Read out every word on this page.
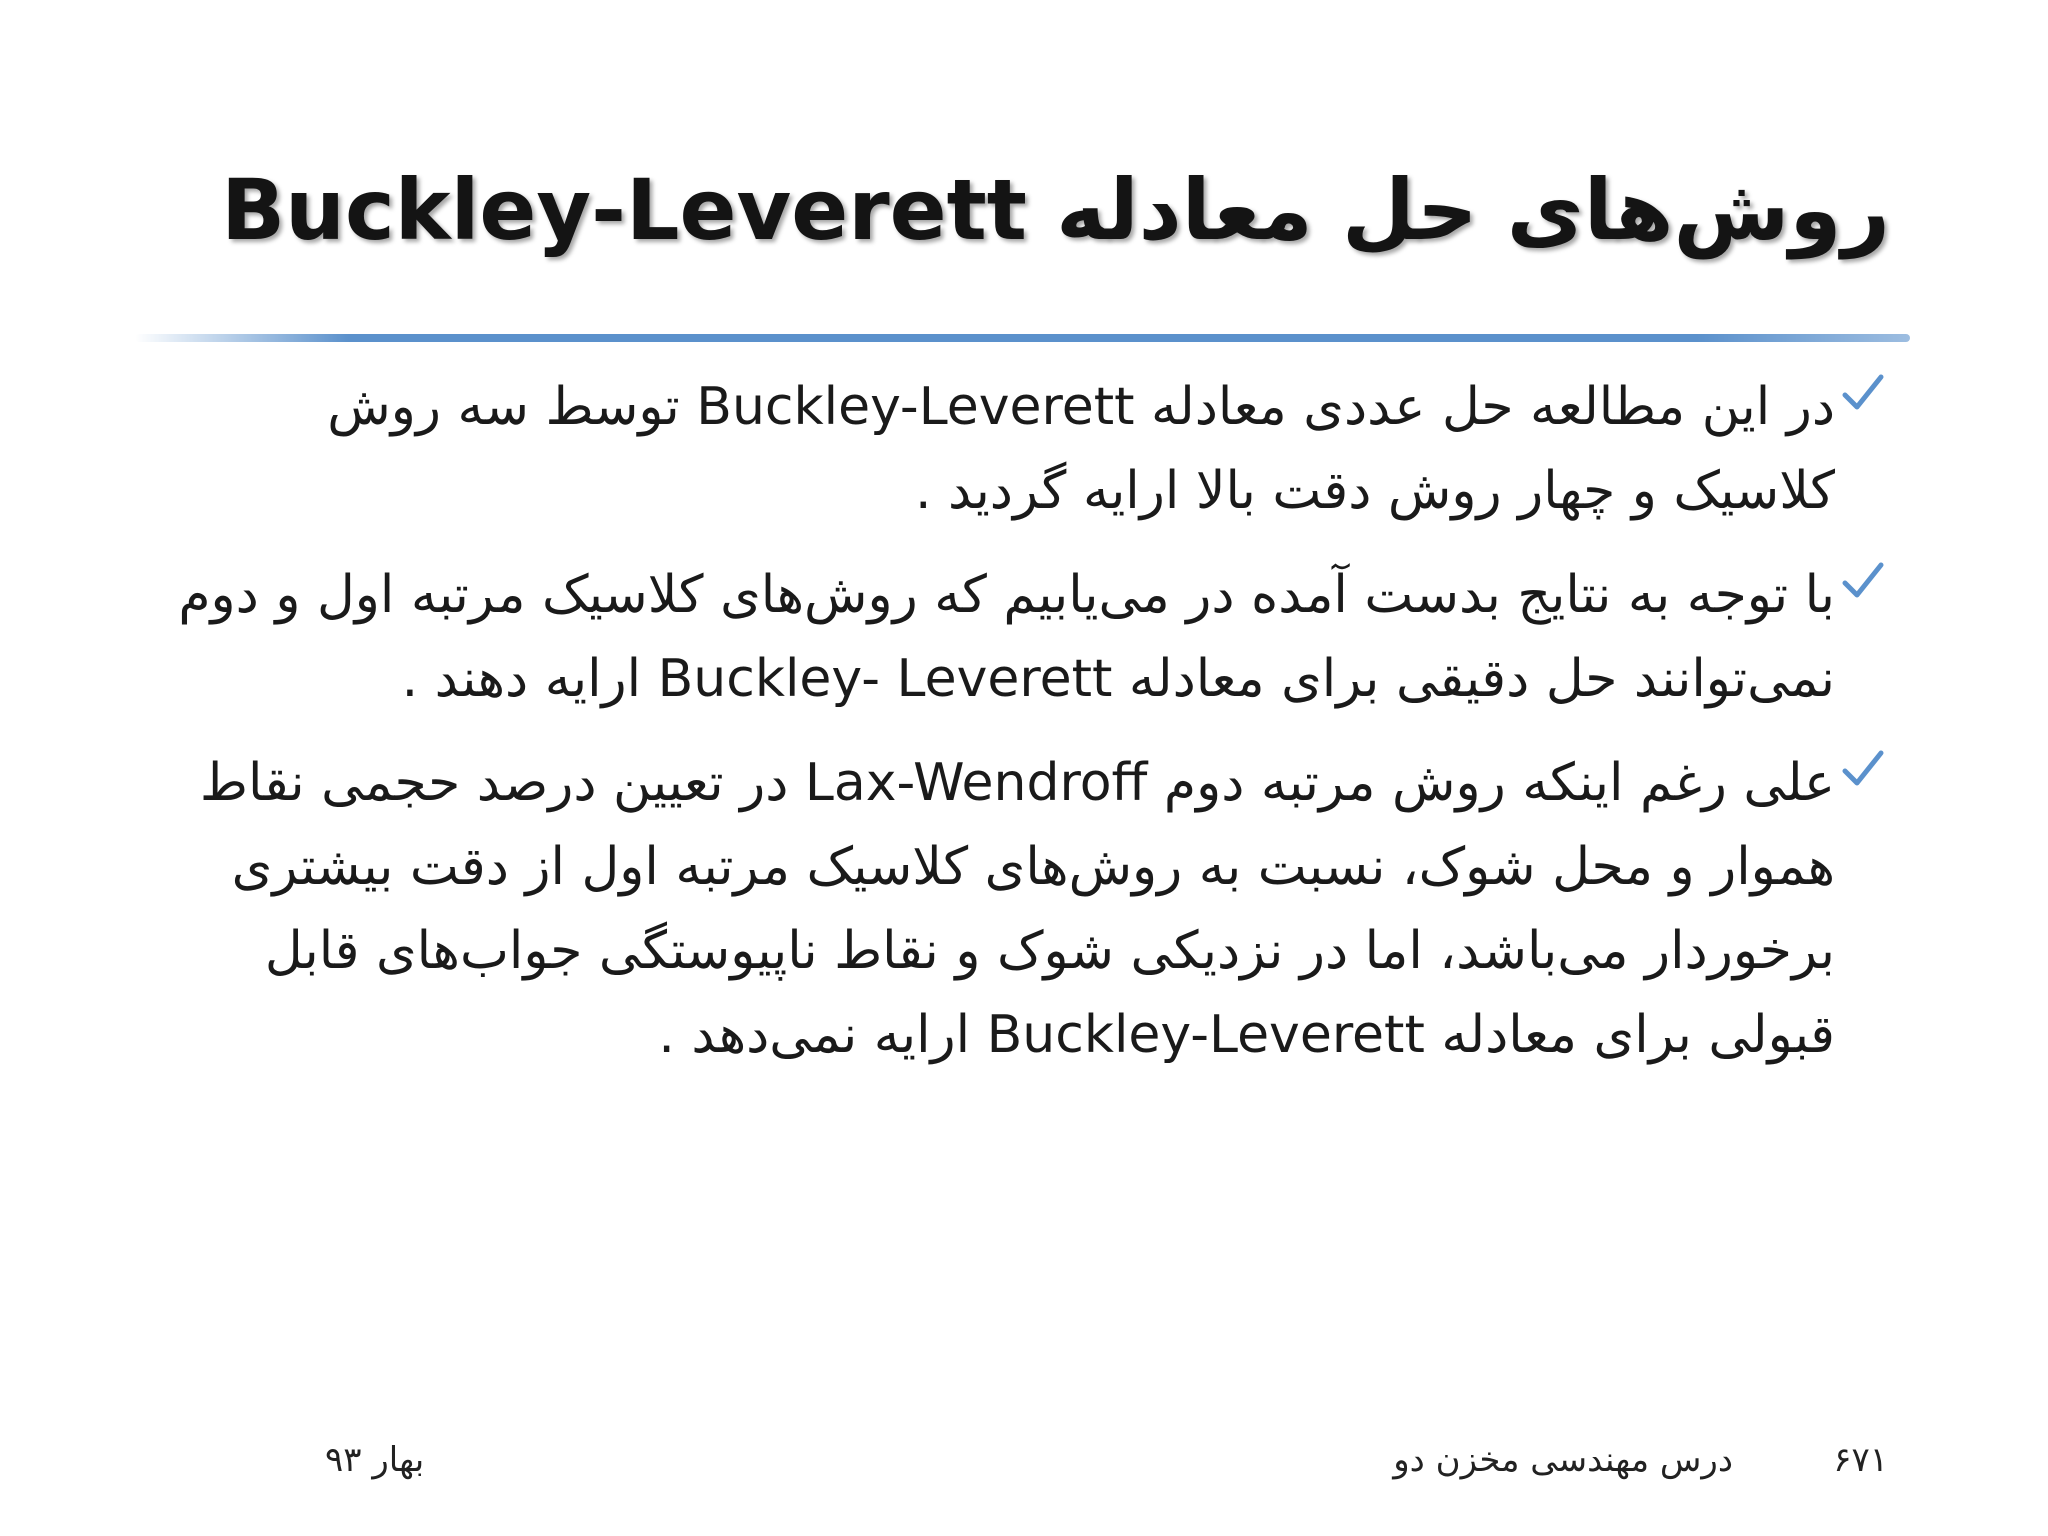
روش‌های حل معادله Buckley-Leverett
در این مطالعه حل عددی معادله Buckley-Leverett توسط سه روش کلاسیک و چهار روش دقت بالا ارایه گردید .
با توجه به نتایج بدست آمده در می‌یابیم که روش‌های کلاسیک مرتبه اول و دوم نمی‌توانند حل دقیقی برای معادله Buckley- Leverett ارایه دهند .
علی رغم اینکه روش مرتبه دوم Lax-Wendroff در تعیین درصد حجمی نقاط هموار و محل شوک، نسبت به روش‌های کلاسیک مرتبه اول از دقت بیشتری برخوردار می‌باشد، اما در نزدیکی شوک و نقاط ناپیوستگی جواب‌های قابل قبولی برای معادله Buckley-Leverett ارایه نمی‌دهد .
۶۷۱
درس مهندسی مخزن دو
بهار ۹۳
